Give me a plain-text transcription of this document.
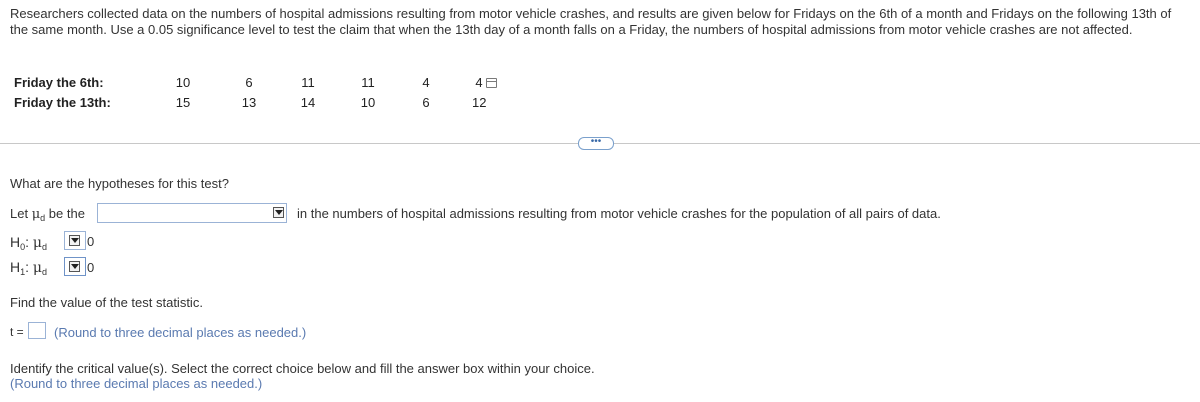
Researchers collected data on the numbers of hospital admissions resulting from motor vehicle crashes, and results are given below for Fridays on the 6th of a month and Fridays on the following 13th of the same month. Use a 0.05 significance level to test the claim that when the 13th day of a month falls on a Friday, the numbers of hospital admissions from motor vehicle crashes are not affected.
Friday the 6th:	10	6	11	11	4	4
Friday the 13th:	15	13	14	10	6	12
•••
What are the hypotheses for this test?
Let $\mu_d$ be the	in the numbers of hospital admissions resulting from motor vehicle crashes for the population of all pairs of data.
$H_0$: $\mu_d$	0
$H_1$: $\mu_d$	0
Find the value of the test statistic.
t = (Round to three decimal places as needed.)
Identify the critical value(s). Select the correct choice below and fill the answer box within your choice.
(Round to three decimal places as needed.)
